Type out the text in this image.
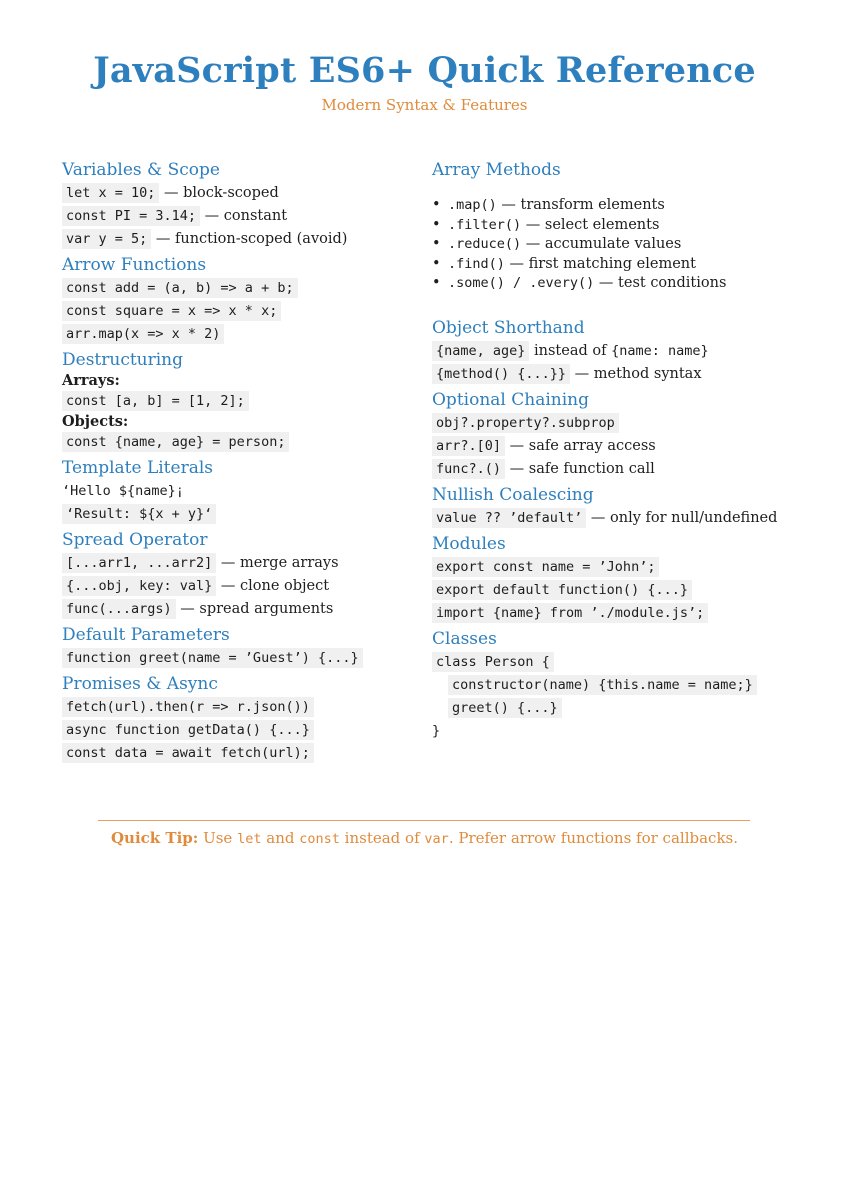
JavaScript ES6+ Quick Reference
Modern Syntax & Features
Variables & Scope
let x = 10; — block-scoped
const PI = 3.14; — constant
var y = 5; — function-scoped (avoid)
Arrow Functions
const add = (a, b) => a + b;
const square = x => x * x;
arr.map(x => x * 2)
Destructuring
Arrays:
const [a, b] = [1, 2];
Objects:
const {name, age} = person;
Template Literals
‘Hello ${name}¡
‘Result: ${x + y}‘
Spread Operator
[...arr1, ...arr2] — merge arrays
{...obj, key: val} — clone object
func(...args) — spread arguments
Default Parameters
function greet(name = ’Guest’) {...}
Promises & Async
fetch(url).then(r => r.json())
async function getData() {...}
const data = await fetch(url);
Array Methods
• .map() — transform elements
• .filter() — select elements
• .reduce() — accumulate values
• .find() — first matching element
• .some() / .every() — test conditions
Object Shorthand
{name, age} instead of {name: name}
{method() {...}} — method syntax
Optional Chaining
obj?.property?.subprop
arr?.[0] — safe array access
func?.() — safe function call
Nullish Coalescing
value ?? ’default’ — only for null/undefined
Modules
export const name = ’John’;
export default function() {...}
import {name} from ’./module.js’;
Classes
class Person {
constructor(name) {this.name = name;}
greet() {...}
}
Quick Tip: Use let and const instead of var. Prefer arrow functions for callbacks.
